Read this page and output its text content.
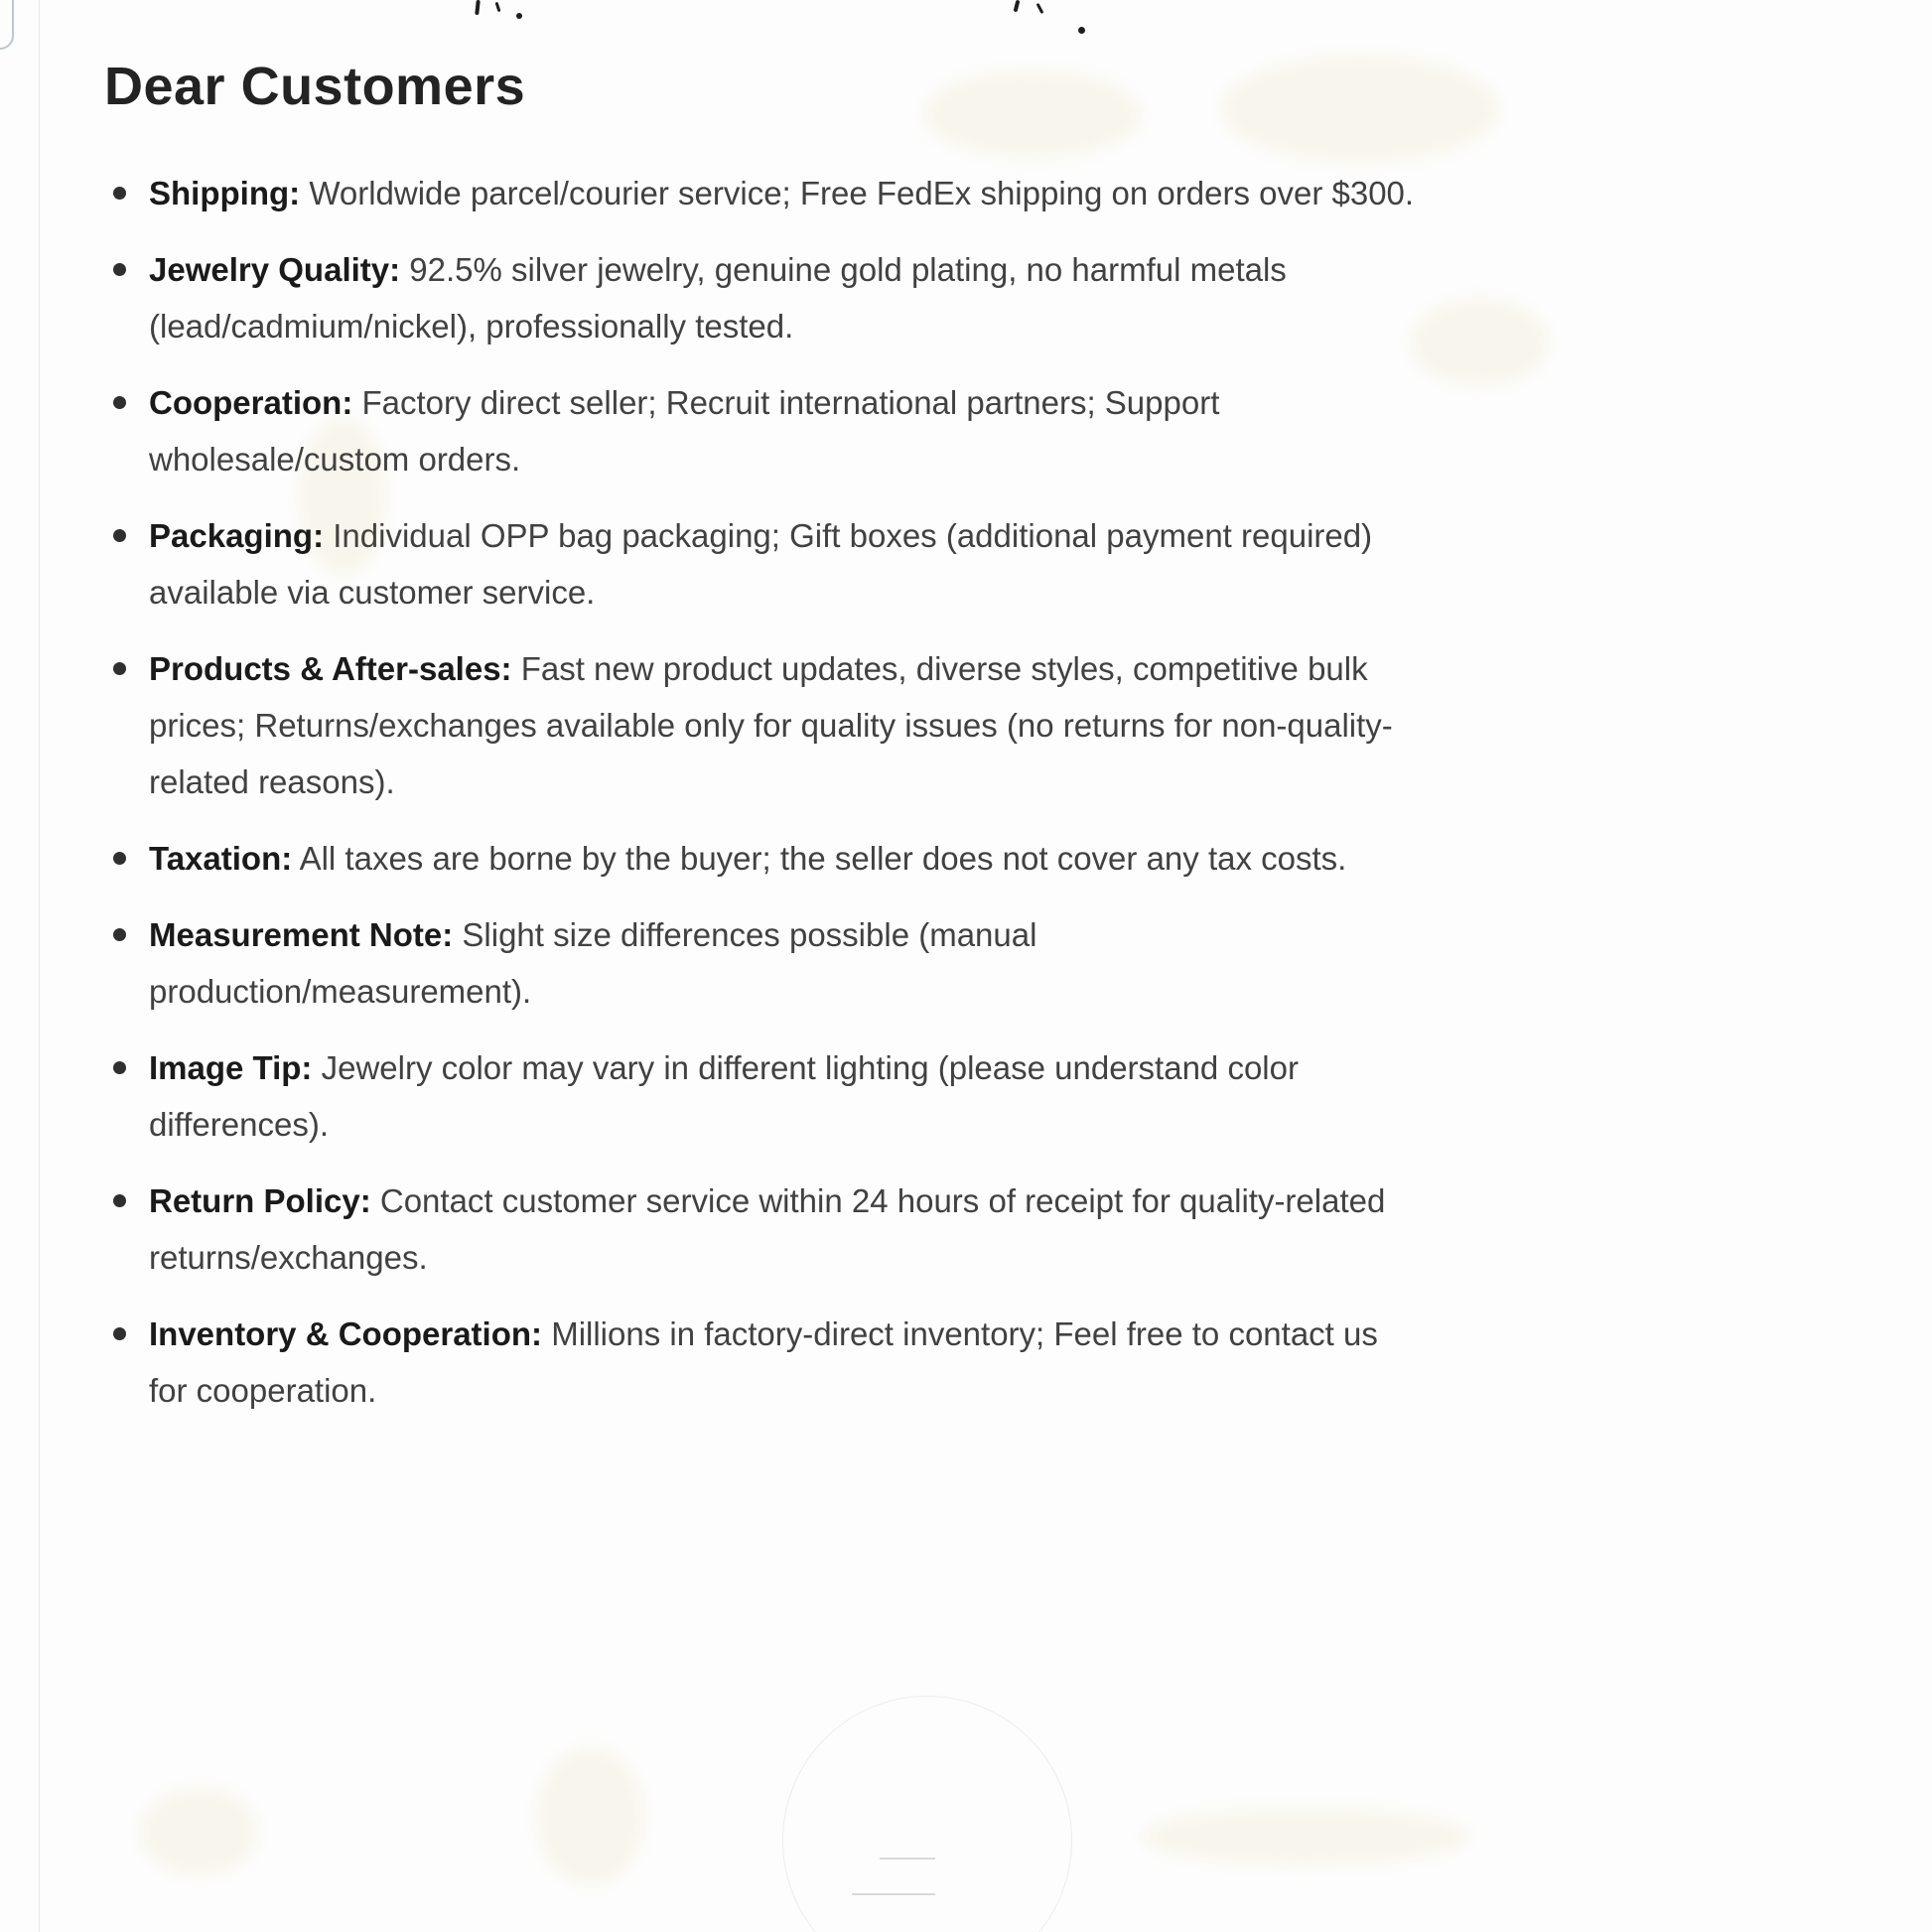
Dear Customers
Shipping: Worldwide parcel/courier service; Free FedEx shipping on orders over $300.
Jewelry Quality: 92.5% silver jewelry, genuine gold plating, no harmful metals (lead/cadmium/nickel), professionally tested.
Cooperation: Factory direct seller; Recruit international partners; Support wholesale/custom orders.
Packaging: Individual OPP bag packaging; Gift boxes (additional payment required) available via customer service.
Products & After-sales: Fast new product updates, diverse styles, competitive bulk prices; Returns/exchanges available only for quality issues (no returns for non-quality-related reasons).
Taxation: All taxes are borne by the buyer; the seller does not cover any tax costs.
Measurement Note: Slight size differences possible (manual production/measurement).
Image Tip: Jewelry color may vary in different lighting (please understand color differences).
Return Policy: Contact customer service within 24 hours of receipt for quality-related returns/exchanges.
Inventory & Cooperation: Millions in factory-direct inventory; Feel free to contact us for cooperation.
